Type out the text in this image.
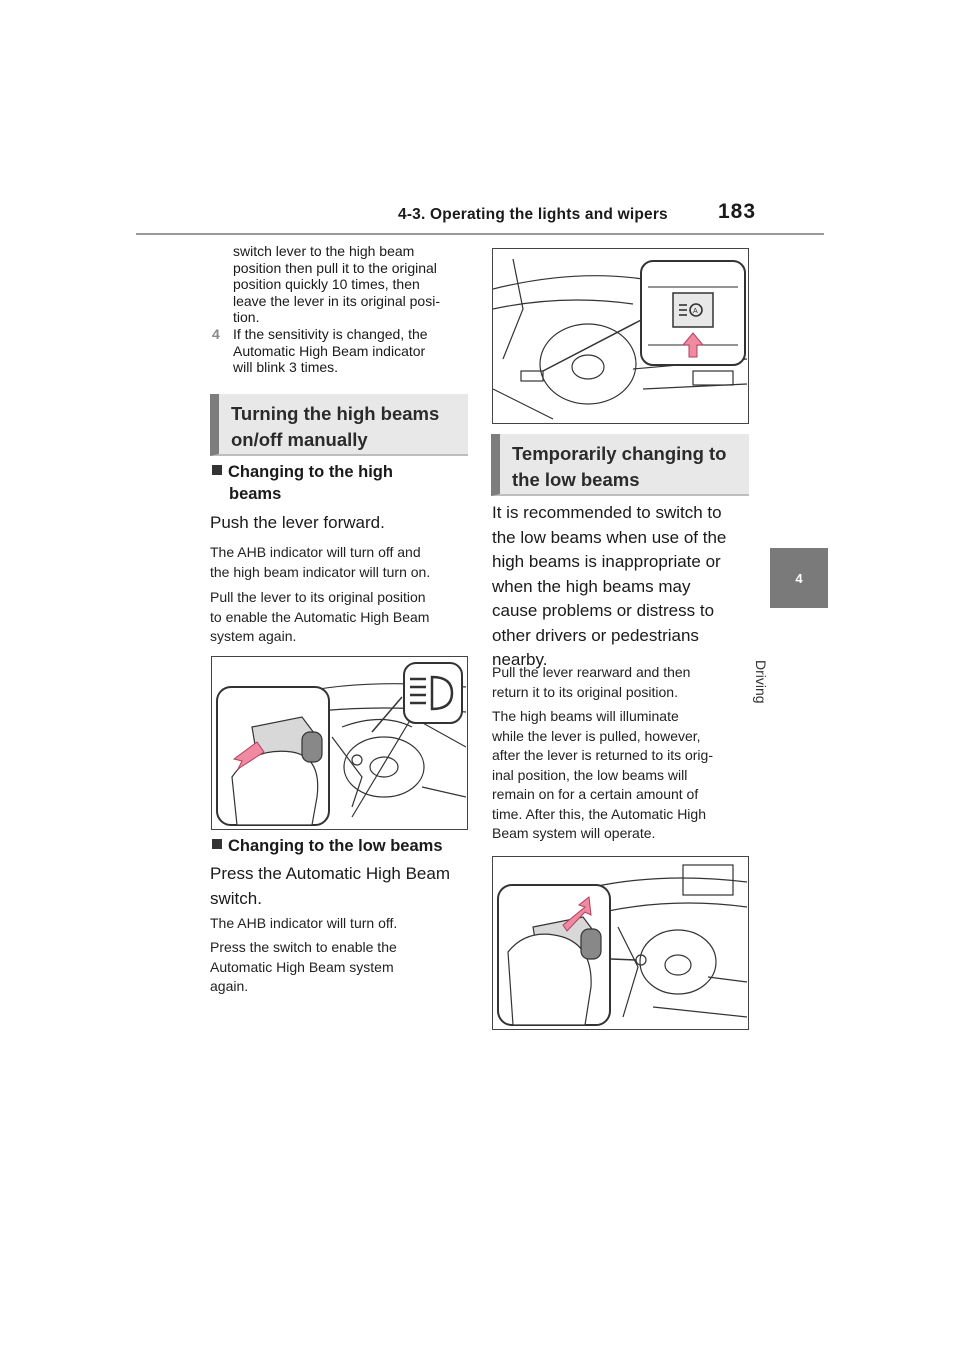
4-3. Operating the lights and wipers 183
4
Driving
switch lever to the high beam
position then pull it to the original
position quickly 10 times, then
leave the lever in its original posi-
tion.
4 If the sensitivity is changed, the
Automatic High Beam indicator
will blink 3 times.
Turning the high beams
on/off manually
Changing to the high
beams
Push the lever forward.
The AHB indicator will turn off and
the high beam indicator will turn on.
Pull the lever to its original position
to enable the Automatic High Beam
system again.
Changing to the low beams
Press the Automatic High Beam
switch.
The AHB indicator will turn off.
Press the switch to enable the
Automatic High Beam system
again.
A
Temporarily changing to
the low beams
It is recommended to switch to
the low beams when use of the
high beams is inappropriate or
when the high beams may
cause problems or distress to
other drivers or pedestrians
nearby.
Pull the lever rearward and then
return it to its original position.
The high beams will illuminate
while the lever is pulled, however,
after the lever is returned to its orig-
inal position, the low beams will
remain on for a certain amount of
time. After this, the Automatic High
Beam system will operate.
